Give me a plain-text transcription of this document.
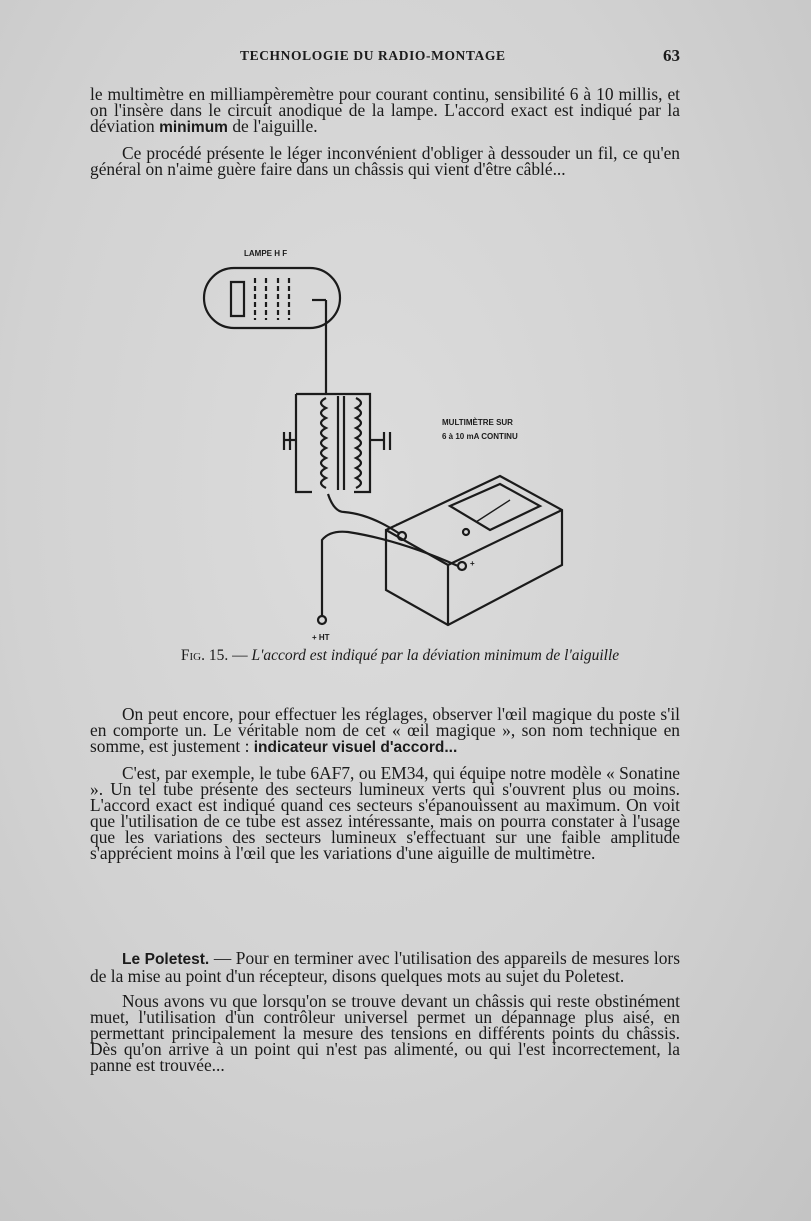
TECHNOLOGIE DU RADIO-MONTAGE	63

le multimètre en milliampèremètre pour courant continu, sensibilité 6 à 10 millis, et on l'insère dans le circuit anodique de la lampe. L'accord exact est indiqué par la déviation minimum de l'aiguille.

Ce procédé présente le léger inconvénient d'obliger à dessouder un fil, ce qu'en général on n'aime guère faire dans un châssis qui vient d'être câblé...

LAMPE H F
MULTIMÈTRE SUR
6 à 10 mA CONTINU
+ HT
-
+
Fig. 15. — L'accord est indiqué par la déviation minimum de l'aiguille

On peut encore, pour effectuer les réglages, observer l'œil magique du poste s'il en comporte un. Le véritable nom de cet « œil magique », son nom technique en somme, est justement : indicateur visuel d'accord...

C'est, par exemple, le tube 6AF7, ou EM34, qui équipe notre modèle « Sonatine ». Un tel tube présente des secteurs lumineux verts qui s'ouvrent plus ou moins. L'accord exact est indiqué quand ces secteurs s'épanouissent au maximum. On voit que l'utilisation de ce tube est assez intéressante, mais on pourra constater à l'usage que les variations des secteurs lumineux s'effectuant sur une faible amplitude s'apprécient moins à l'œil que les variations d'une aiguille de multimètre.

Le Poletest. — Pour en terminer avec l'utilisation des appareils de mesures lors de la mise au point d'un récepteur, disons quelques mots au sujet du Poletest.

Nous avons vu que lorsqu'on se trouve devant un châssis qui reste obstinément muet, l'utilisation d'un contrôleur universel permet un dépannage plus aisé, en permettant principalement la mesure des tensions en différents points du châssis. Dès qu'on arrive à un point qui n'est pas alimenté, ou qui l'est incorrectement, la panne est trouvée...
